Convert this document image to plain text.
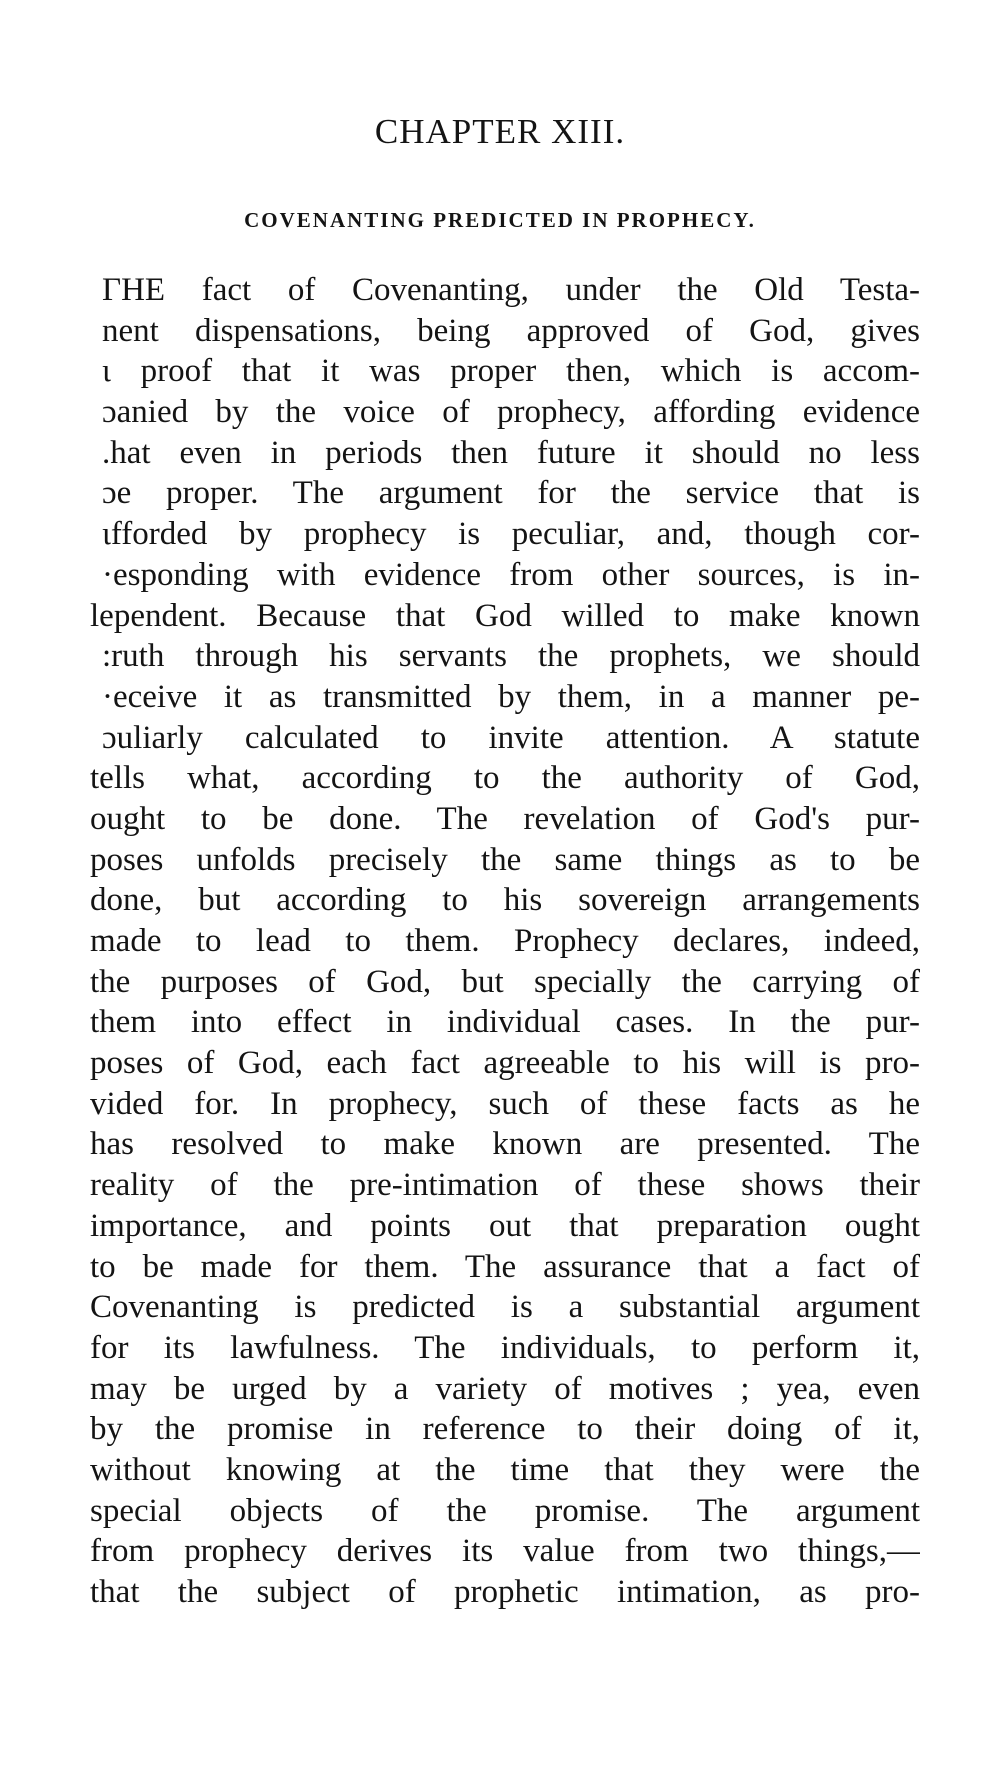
CHAPTER XIII.
COVENANTING PREDICTED IN PROPHECY.
ГHE fact of Covenanting, under the Old Testa-
nent dispensations, being approved of God, gives
ι proof that it was proper then, which is accom-
ɔanied by the voice of prophecy, affording evidence
.hat even in periods then future it should no less
ɔe proper. The argument for the service that is
ιfforded by prophecy is peculiar, and, though cor-
·esponding with evidence from other sources, is in-
lependent. Because that God willed to make known
:ruth through his servants the prophets, we should
·eceive it as transmitted by them, in a manner pe-
ɔuliarly calculated to invite attention. A statute
tells what, according to the authority of God,
ought to be done. The revelation of God's pur-
poses unfolds precisely the same things as to be
done, but according to his sovereign arrangements
made to lead to them. Prophecy declares, indeed,
the purposes of God, but specially the carrying of
them into effect in individual cases. In the pur-
poses of God, each fact agreeable to his will is pro-
vided for. In prophecy, such of these facts as he
has resolved to make known are presented. The
reality of the pre-intimation of these shows their
importance, and points out that preparation ought
to be made for them. The assurance that a fact of
Covenanting is predicted is a substantial argument
for its lawfulness. The individuals, to perform it,
may be urged by a variety of motives ; yea, even
by the promise in reference to their doing of it,
without knowing at the time that they were the
special objects of the promise. The argument
from prophecy derives its value from two things,—
that the subject of prophetic intimation, as pro-
